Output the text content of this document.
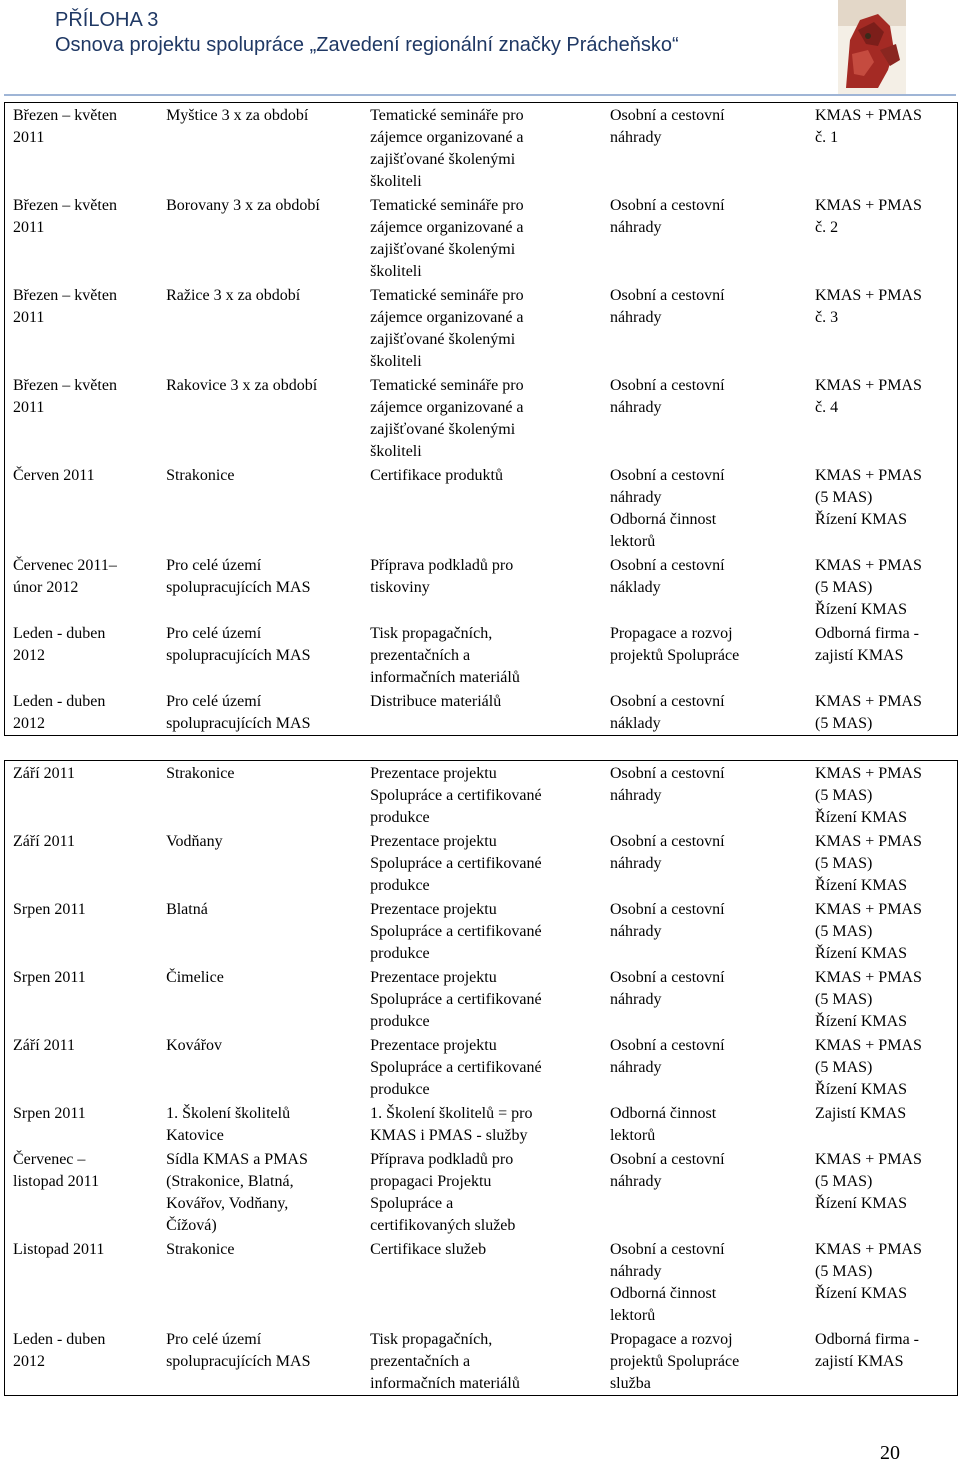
PŘÍLOHA 3
Osnova projektu spolupráce „Zavedení regionální značky Prácheňsko“
Březen – květen
2011	Myštice 3 x za období	Tematické semináře pro
zájemce organizované a
zajišťované školenými
školiteli	Osobní a cestovní
náhrady	KMAS + PMAS
č. 1

Březen – květen
2011	Borovany 3 x za období	Tematické semináře pro
zájemce organizované a
zajišťované školenými
školiteli	Osobní a cestovní
náhrady	KMAS + PMAS
č. 2

Březen – květen
2011	Ražice 3 x za období	Tematické semináře pro
zájemce organizované a
zajišťované školenými
školiteli	Osobní a cestovní
náhrady	KMAS + PMAS
č. 3

Březen – květen
2011	Rakovice 3 x za období	Tematické semináře pro
zájemce organizované a
zajišťované školenými
školiteli	Osobní a cestovní
náhrady	KMAS + PMAS
č. 4

Červen 2011	Strakonice	Certifikace produktů	Osobní a cestovní
náhrady
Odborná činnost
lektorů	KMAS + PMAS
(5 MAS)
Řízení KMAS

Červenec 2011–
únor 2012	Pro celé území
spolupracujících MAS	Příprava podkladů pro
tiskoviny	Osobní a cestovní
náklady	KMAS + PMAS
(5 MAS)
Řízení KMAS

Leden - duben
2012	Pro celé území
spolupracujících MAS	Tisk propagačních,
prezentačních a
informačních materiálů	Propagace a rozvoj
projektů Spolupráce	Odborná firma -
zajistí KMAS

Leden - duben
2012	Pro celé území
spolupracujících MAS	Distribuce materiálů	Osobní a cestovní
náklady	KMAS + PMAS
(5 MAS)
Září 2011	Strakonice	Prezentace projektu
Spolupráce a certifikované
produkce	Osobní a cestovní
náhrady	KMAS + PMAS
(5 MAS)
Řízení KMAS

Září 2011	Vodňany	Prezentace projektu
Spolupráce a certifikované
produkce	Osobní a cestovní
náhrady	KMAS + PMAS
(5 MAS)
Řízení KMAS

Srpen 2011	Blatná	Prezentace projektu
Spolupráce a certifikované
produkce	Osobní a cestovní
náhrady	KMAS + PMAS
(5 MAS)
Řízení KMAS

Srpen 2011	Čimelice	Prezentace projektu
Spolupráce a certifikované
produkce	Osobní a cestovní
náhrady	KMAS + PMAS
(5 MAS)
Řízení KMAS

Září 2011	Kovářov	Prezentace projektu
Spolupráce a certifikované
produkce	Osobní a cestovní
náhrady	KMAS + PMAS
(5 MAS)
Řízení KMAS

Srpen 2011	1. Školení školitelů
Katovice	1. Školení školitelů = pro
KMAS i PMAS - služby	Odborná činnost
lektorů	Zajistí KMAS

Červenec –
listopad 2011	Sídla KMAS a PMAS
(Strakonice, Blatná,
Kovářov, Vodňany,
Čížová)	Příprava podkladů pro
propagaci Projektu
Spolupráce a
certifikovaných služeb	Osobní a cestovní
náhrady	KMAS + PMAS
(5 MAS)
Řízení KMAS

Listopad 2011	Strakonice	Certifikace služeb	Osobní a cestovní
náhrady
Odborná činnost
lektorů	KMAS + PMAS
(5 MAS)
Řízení KMAS

Leden - duben
2012	Pro celé území
spolupracujících MAS	Tisk propagačních,
prezentačních a
informačních materiálů	Propagace a rozvoj
projektů Spolupráce
služba	Odborná firma -
zajistí KMAS
20
